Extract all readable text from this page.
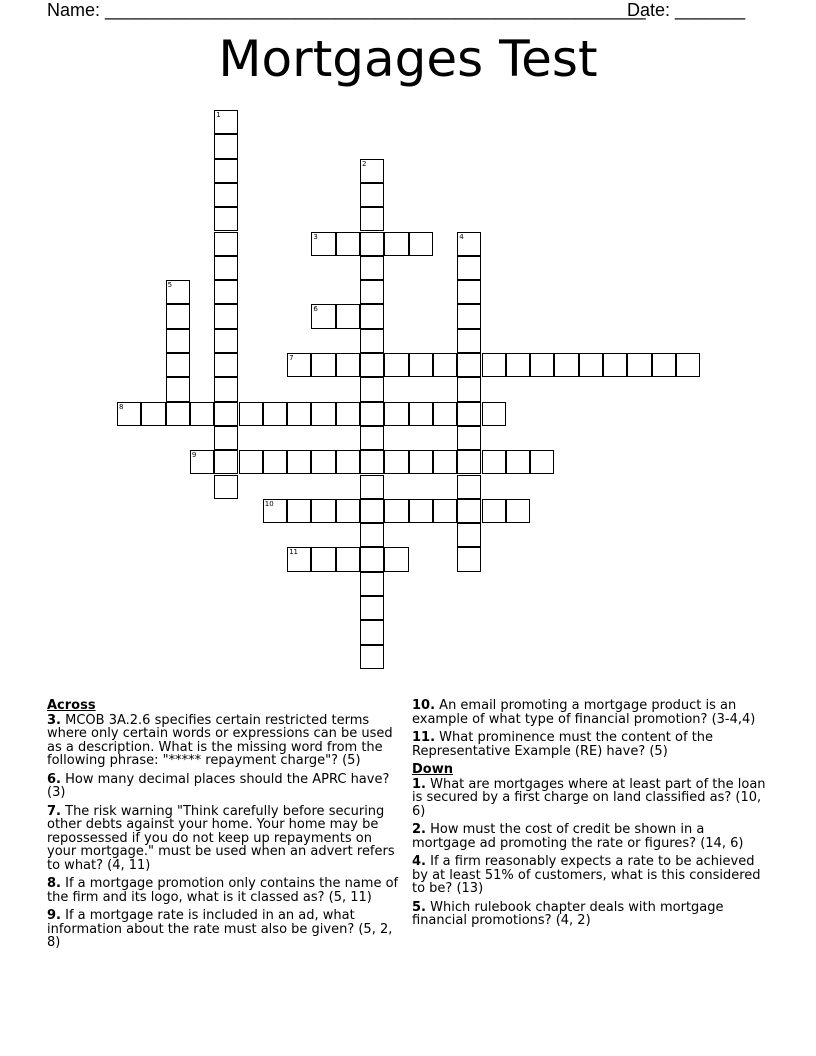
Name: ______________________________________________________
Date: _______
Mortgages Test
1
2
3	4
5
6
7
8
9
10
11
Across
3. MCOB 3A.2.6 specifies certain restricted terms where only certain words or expressions can be used as a description. What is the missing word from the following phrase: "***** repayment charge"? (5)
6. How many decimal places should the APRC have? (3)
7. The risk warning "Think carefully before securing other debts against your home. Your home may be repossessed if you do not keep up repayments on your mortgage." must be used when an advert refers to what? (4, 11)
8. If a mortgage promotion only contains the name of the firm and its logo, what is it classed as? (5, 11)
9. If a mortgage rate is included in an ad, what information about the rate must also be given? (5, 2, 8)
10. An email promoting a mortgage product is an example of what type of financial promotion? (3-4,4)
11. What prominence must the content of the Representative Example (RE) have? (5)
Down
1. What are mortgages where at least part of the loan is secured by a first charge on land classified as? (10, 6)
2. How must the cost of credit be shown in a mortgage ad promoting the rate or figures? (14, 6)
4. If a firm reasonably expects a rate to be achieved by at least 51% of customers, what is this considered to be? (13)
5. Which rulebook chapter deals with mortgage financial promotions? (4, 2)
